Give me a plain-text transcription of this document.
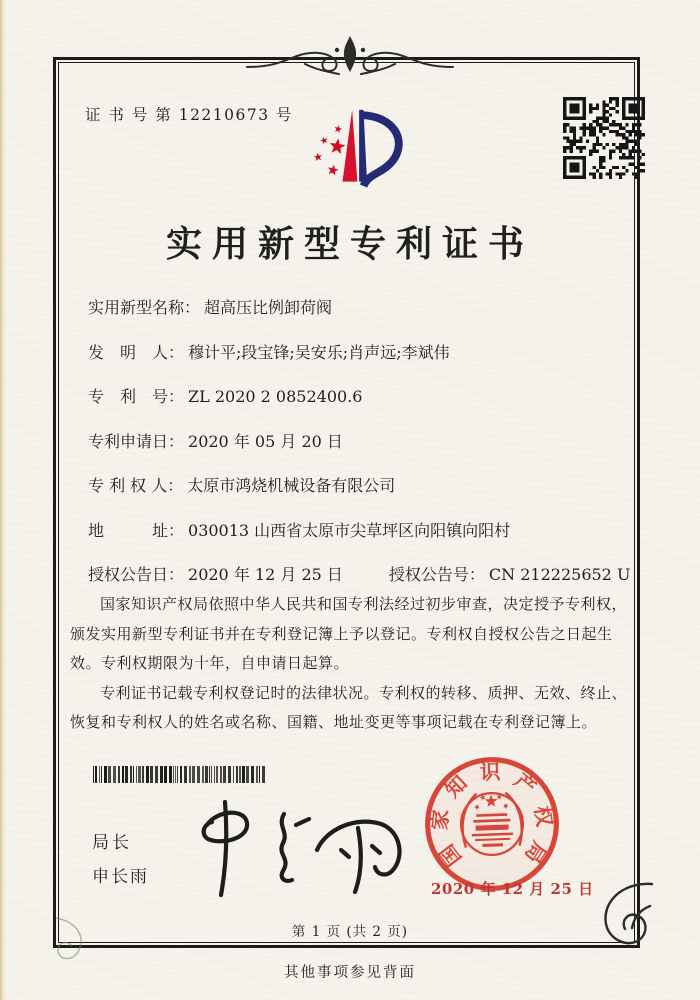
证 书 号 第 12210673 号
实用新型专利证书
实用新型名称： 超高压比例卸荷阀
发　明　人： 穆计平;段宝锋;吴安乐;肖声远;李斌伟
专　利　号： ZL 2020 2 0852400.6
专利申请日： 2020 年 05 月 20 日
专 利 权 人： 太原市鸿烧机械设备有限公司
地　　　址： 030013 山西省太原市尖草坪区向阳镇向阳村
授权公告日： 2020 年 12 月 25 日	授权公告号： CN 212225652 U

国家知识产权局依照中华人民共和国专利法经过初步审查，决定授予专利权，颁发实用新型专利证书并在专利登记簿上予以登记。专利权自授权公告之日起生效。专利权期限为十年，自申请日起算。

专利证书记载专利权登记时的法律状况。专利权的转移、质押、无效、终止、恢复和专利权人的姓名或名称、国籍、地址变更等事项记载在专利登记簿上。

局长
申长雨
国
家
知 识 产
权
局
2020 年 12 月 25 日
第 1 页 (共 2 页)
其他事项参见背面
